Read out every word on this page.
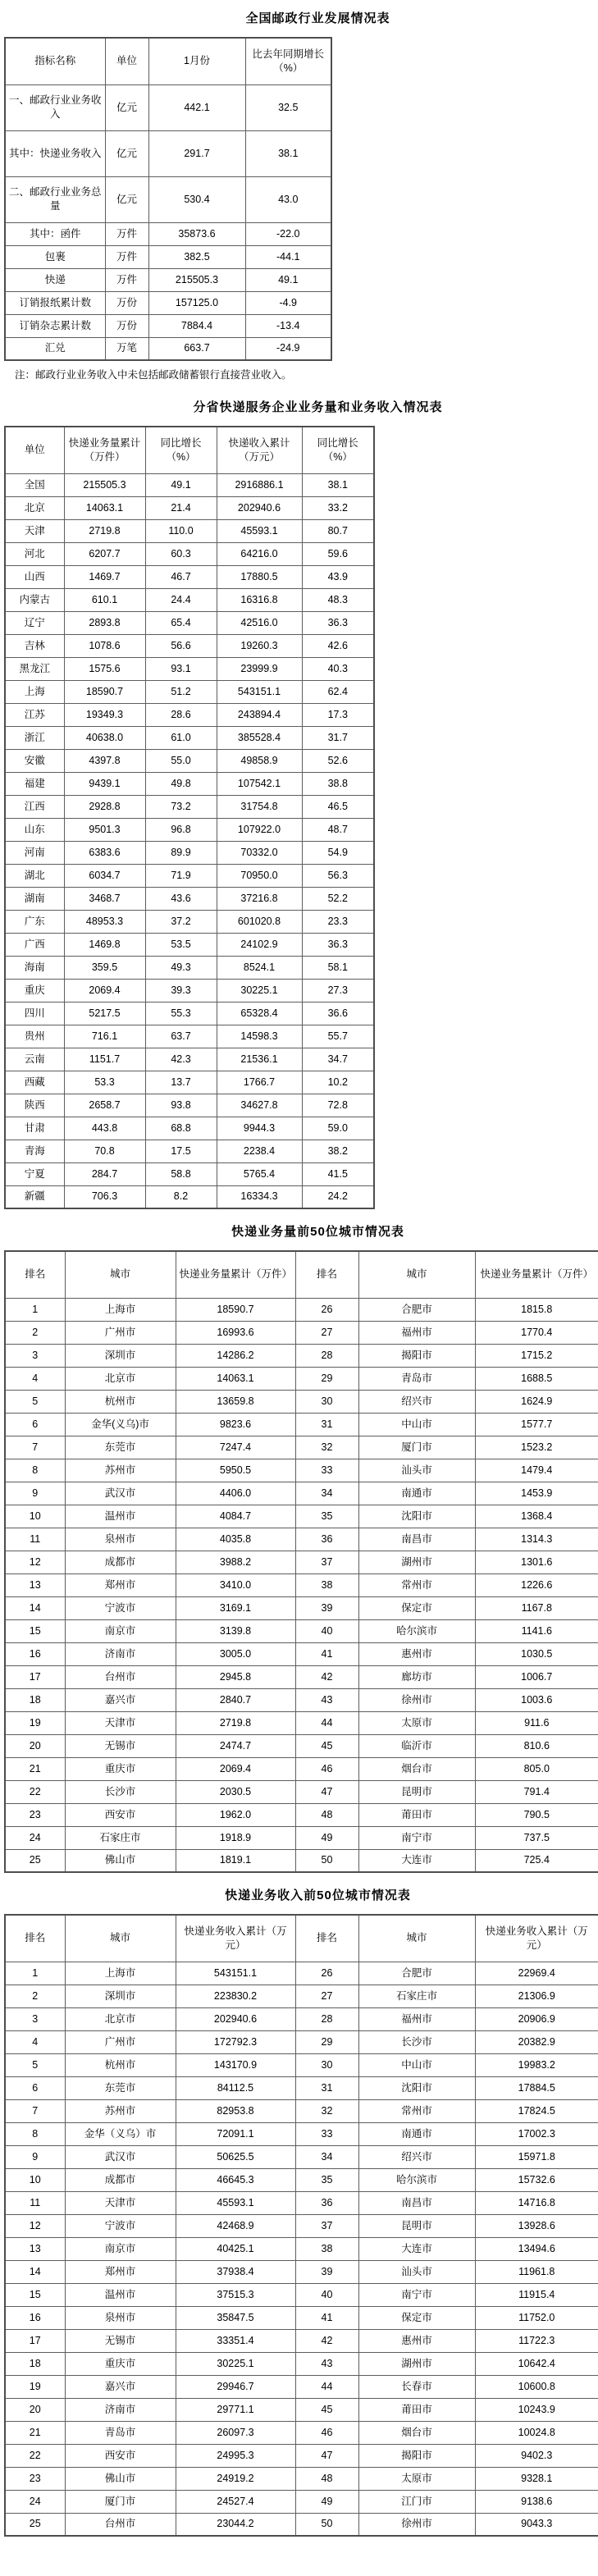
全国邮政行业发展情况表
指标名称	单位	1月份	比去年同期增长（%）
一、邮政行业业务收入	亿元	442.1	32.5
其中：快递业务收入	亿元	291.7	38.1
二、邮政行业业务总量	亿元	530.4	43.0
其中：函件	万件	35873.6	-22.0
包裹	万件	382.5	-44.1
快递	万件	215505.3	49.1
订销报纸累计数	万份	157125.0	-4.9
订销杂志累计数	万份	7884.4	-13.4
汇兑	万笔	663.7	-24.9
注：邮政行业业务收入中未包括邮政储蓄银行直接营业收入。
分省快递服务企业业务量和业务收入情况表
单位	快递业务量累计（万件）	同比增长（%）	快递收入累计（万元）	同比增长（%）
全国	215505.3	49.1	2916886.1	38.1
北京	14063.1	21.4	202940.6	33.2
天津	2719.8	110.0	45593.1	80.7
河北	6207.7	60.3	64216.0	59.6
山西	1469.7	46.7	17880.5	43.9
内蒙古	610.1	24.4	16316.8	48.3
辽宁	2893.8	65.4	42516.0	36.3
吉林	1078.6	56.6	19260.3	42.6
黑龙江	1575.6	93.1	23999.9	40.3
上海	18590.7	51.2	543151.1	62.4
江苏	19349.3	28.6	243894.4	17.3
浙江	40638.0	61.0	385528.4	31.7
安徽	4397.8	55.0	49858.9	52.6
福建	9439.1	49.8	107542.1	38.8
江西	2928.8	73.2	31754.8	46.5
山东	9501.3	96.8	107922.0	48.7
河南	6383.6	89.9	70332.0	54.9
湖北	6034.7	71.9	70950.0	56.3
湖南	3468.7	43.6	37216.8	52.2
广东	48953.3	37.2	601020.8	23.3
广西	1469.8	53.5	24102.9	36.3
海南	359.5	49.3	8524.1	58.1
重庆	2069.4	39.3	30225.1	27.3
四川	5217.5	55.3	65328.4	36.6
贵州	716.1	63.7	14598.3	55.7
云南	1151.7	42.3	21536.1	34.7
西藏	53.3	13.7	1766.7	10.2
陕西	2658.7	93.8	34627.8	72.8
甘肃	443.8	68.8	9944.3	59.0
青海	70.8	17.5	2238.4	38.2
宁夏	284.7	58.8	5765.4	41.5
新疆	706.3	8.2	16334.3	24.2
快递业务量前50位城市情况表
排名	城市	快递业务量累计（万件）	排名	城市	快递业务量累计（万件）
1	上海市	18590.7	26	合肥市	1815.8
2	广州市	16993.6	27	福州市	1770.4
3	深圳市	14286.2	28	揭阳市	1715.2
4	北京市	14063.1	29	青岛市	1688.5
5	杭州市	13659.8	30	绍兴市	1624.9
6	金华(义乌)市	9823.6	31	中山市	1577.7
7	东莞市	7247.4	32	厦门市	1523.2
8	苏州市	5950.5	33	汕头市	1479.4
9	武汉市	4406.0	34	南通市	1453.9
10	温州市	4084.7	35	沈阳市	1368.4
11	泉州市	4035.8	36	南昌市	1314.3
12	成都市	3988.2	37	湖州市	1301.6
13	郑州市	3410.0	38	常州市	1226.6
14	宁波市	3169.1	39	保定市	1167.8
15	南京市	3139.8	40	哈尔滨市	1141.6
16	济南市	3005.0	41	惠州市	1030.5
17	台州市	2945.8	42	廊坊市	1006.7
18	嘉兴市	2840.7	43	徐州市	1003.6
19	天津市	2719.8	44	太原市	911.6
20	无锡市	2474.7	45	临沂市	810.6
21	重庆市	2069.4	46	烟台市	805.0
22	长沙市	2030.5	47	昆明市	791.4
23	西安市	1962.0	48	莆田市	790.5
24	石家庄市	1918.9	49	南宁市	737.5
25	佛山市	1819.1	50	大连市	725.4
快递业务收入前50位城市情况表
排名	城市	快递业务收入累计（万元）	排名	城市	快递业务收入累计（万元）
1	上海市	543151.1	26	合肥市	22969.4
2	深圳市	223830.2	27	石家庄市	21306.9
3	北京市	202940.6	28	福州市	20906.9
4	广州市	172792.3	29	长沙市	20382.9
5	杭州市	143170.9	30	中山市	19983.2
6	东莞市	84112.5	31	沈阳市	17884.5
7	苏州市	82953.8	32	常州市	17824.5
8	金华（义乌）市	72091.1	33	南通市	17002.3
9	武汉市	50625.5	34	绍兴市	15971.8
10	成都市	46645.3	35	哈尔滨市	15732.6
11	天津市	45593.1	36	南昌市	14716.8
12	宁波市	42468.9	37	昆明市	13928.6
13	南京市	40425.1	38	大连市	13494.6
14	郑州市	37938.4	39	汕头市	11961.8
15	温州市	37515.3	40	南宁市	11915.4
16	泉州市	35847.5	41	保定市	11752.0
17	无锡市	33351.4	42	惠州市	11722.3
18	重庆市	30225.1	43	湖州市	10642.4
19	嘉兴市	29946.7	44	长春市	10600.8
20	济南市	29771.1	45	莆田市	10243.9
21	青岛市	26097.3	46	烟台市	10024.8
22	西安市	24995.3	47	揭阳市	9402.3
23	佛山市	24919.2	48	太原市	9328.1
24	厦门市	24527.4	49	江门市	9138.6
25	台州市	23044.2	50	徐州市	9043.3
